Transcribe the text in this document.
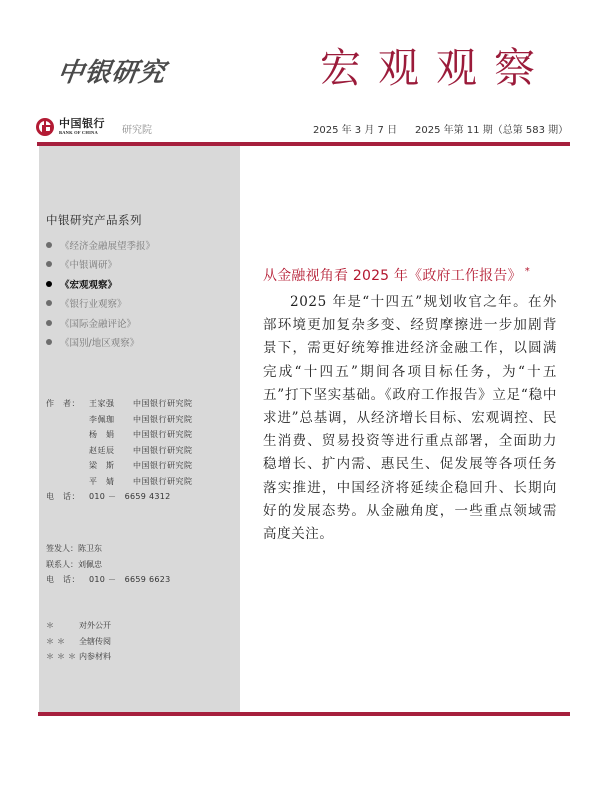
中银研究	宏观观察
中国银行
BANK OF CHINA	研究院	2025 年 3 月 7 日 2025 年第 11 期（总第 583 期）
中银研究产品系列
《经济金融展望季报》
《中银调研》
《宏观观察》
《银行业观察》
《国际金融评论》
《国别/地区观察》
作　者：	王家强	中国银行研究院
李佩珈	中国银行研究院
杨　娟	中国银行研究院
赵廷辰	中国银行研究院
梁　斯	中国银行研究院
平　婧	中国银行研究院
电　话：	010 －　6659 4312
签发人： 陈卫东
联系人： 刘佩忠
电　话：	010 －　6659 6623
＊	对外公开
＊＊	全辖传阅
＊＊＊ 内参材料
从金融视角看 2025 年《政府工作报告》 *

2025 年是“十四五”规划收官之年。在外部环境更加复杂多变、经贸摩擦进一步加剧背景下，需更好统筹推进经济金融工作，以圆满完成“十四五”期间各项目标任务，为“十五五”打下坚实基础。《政府工作报告》立足“稳中求进”总基调，从经济增长目标、宏观调控、民生消费、贸易投资等进行重点部署，全面助力稳增长、扩内需、惠民生、促发展等各项任务落实推进，中国经济将延续企稳回升、长期向好的发展态势。从金融角度，一些重点领域需高度关注。
